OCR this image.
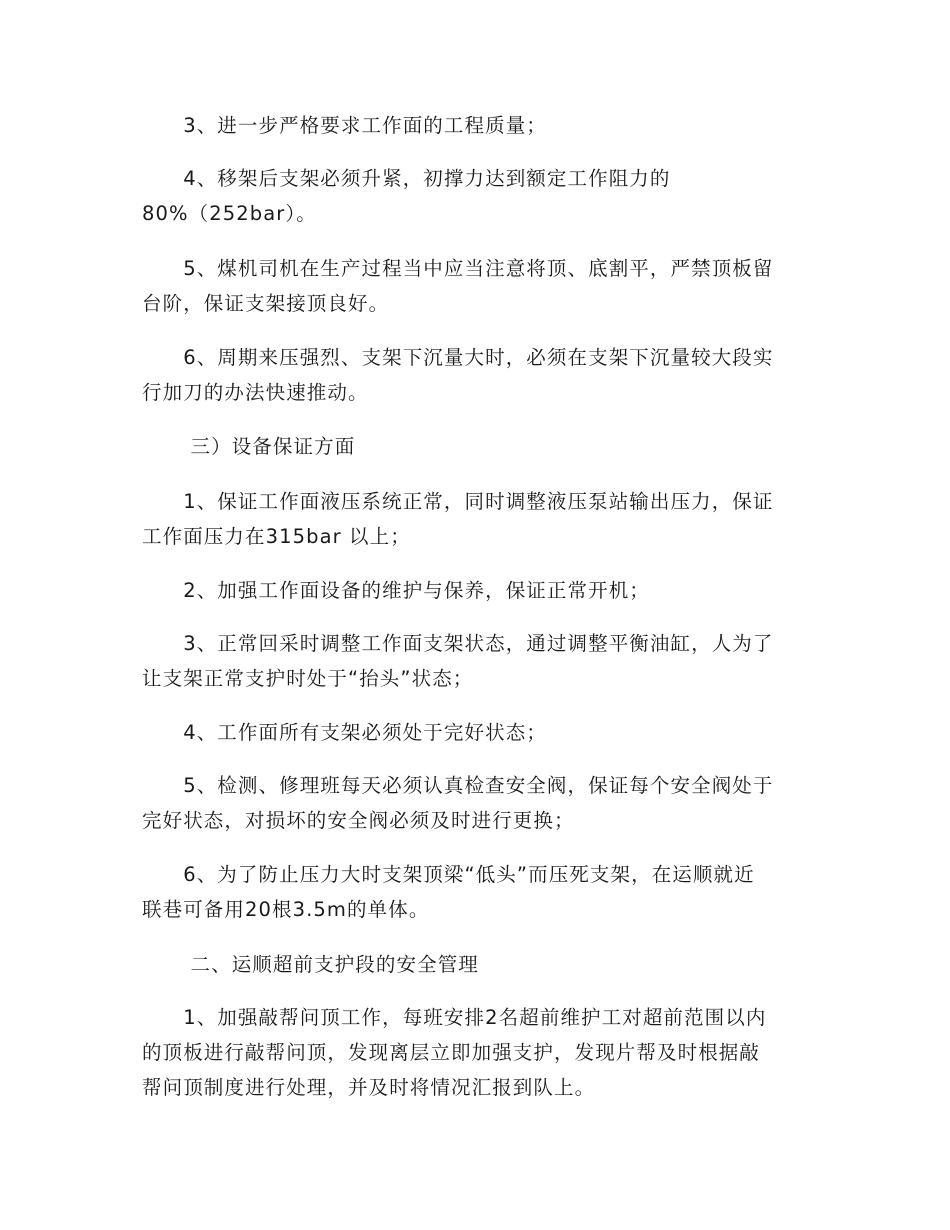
　　3、进一步严格要求工作面的工程质量；

　　4、移架后支架必须升紧，初撑力达到额定工作阻力的
80%（252bar）。

　　5、煤机司机在生产过程当中应当注意将顶、底割平，严禁顶板留
台阶，保证支架接顶良好。

　　6、周期来压强烈、支架下沉量大时，必须在支架下沉量较大段实
行加刀的办法快速推动。

　　 三）设备保证方面

　　1、保证工作面液压系统正常，同时调整液压泵站输出压力，保证
工作面压力在315bar 以上；

　　2、加强工作面设备的维护与保养，保证正常开机；

　　3、正常回采时调整工作面支架状态，通过调整平衡油缸，人为了
让支架正常支护时处于“抬头”状态；

　　4、工作面所有支架必须处于完好状态；

　　5、检测、修理班每天必须认真检查安全阀，保证每个安全阀处于
完好状态，对损坏的安全阀必须及时进行更换；

　　6、为了防止压力大时支架顶梁“低头”而压死支架，在运顺就近
联巷可备用20根3.5m的单体。

　　 二、运顺超前支护段的安全管理

　　1、加强敲帮问顶工作，每班安排2名超前维护工对超前范围以内
的顶板进行敲帮问顶，发现离层立即加强支护，发现片帮及时根据敲
帮问顶制度进行处理，并及时将情况汇报到队上。
